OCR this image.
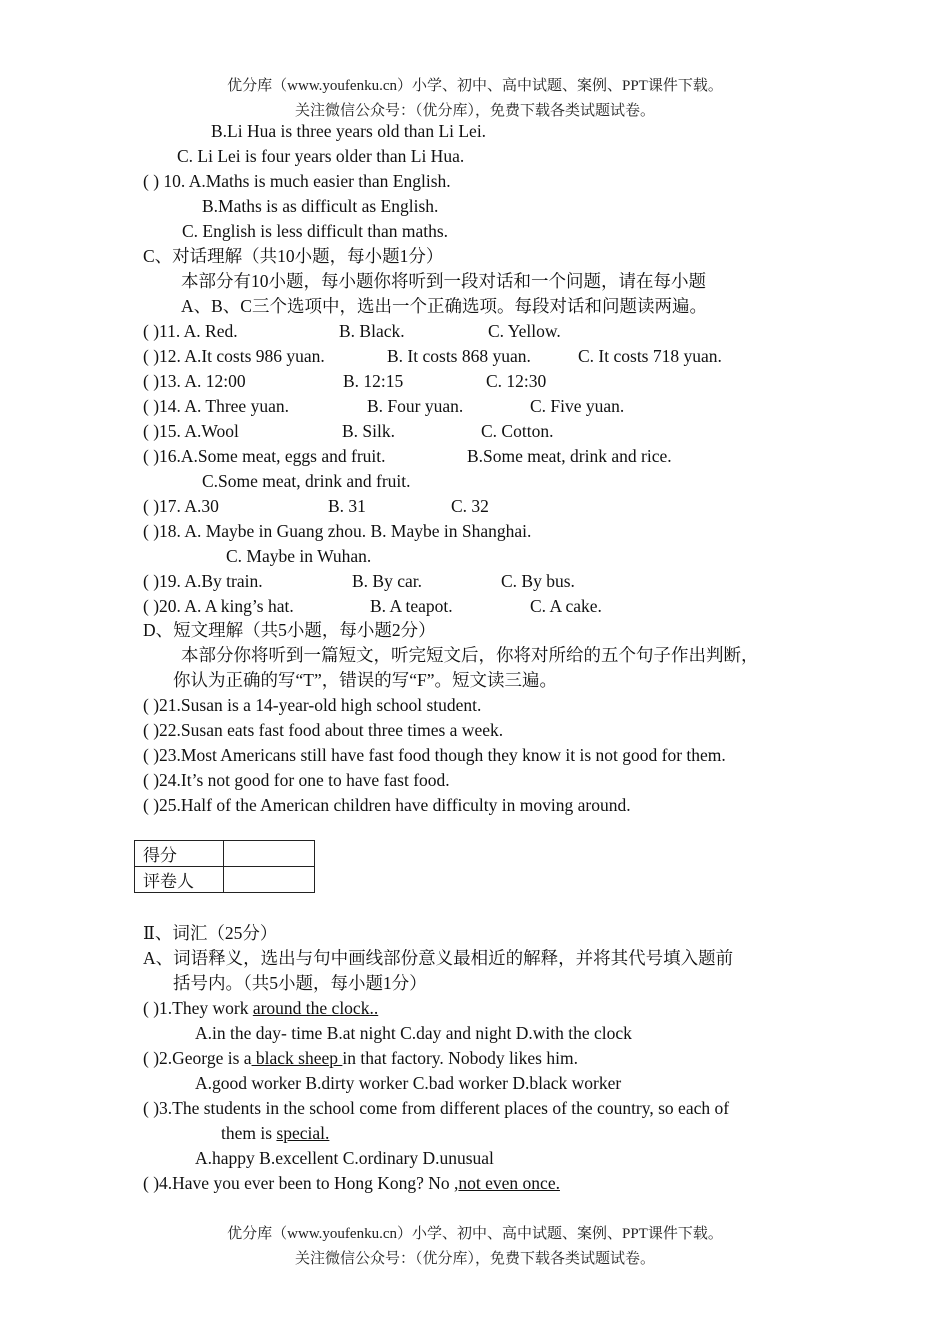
优分库（www.youfenku.cn）小学、初中、高中试题、案例、PPT课件下载。
关注微信公众号：（优分库），免费下载各类试题试卷。
B.Li Hua is three years old than Li Lei.
C. Li Lei is four years older than Li Hua.
( ) 10. A.Maths is much easier than English.
B.Maths is as difficult as English.
C. English is less difficult than maths.
C、对话理解（共10小题，每小题1分）
本部分有10小题，每小题你将听到一段对话和一个问题，请在每小题
A、B、C三个选项中，选出一个正确选项。每段对话和问题读两遍。
( )11. A. Red.	B. Black.	C. Yellow.
( )12. A.It costs 986 yuan.	B. It costs 868 yuan.	C. It costs 718 yuan.
( )13. A. 12:00	B. 12:15	C. 12:30
( )14. A. Three yuan.	B. Four yuan.	C. Five yuan.
( )15. A.Wool	B. Silk.	C. Cotton.
( )16.A.Some meat, eggs and fruit.	B.Some meat, drink and rice.
C.Some meat, drink and fruit.
( )17. A.30	B. 31	C. 32
( )18. A. Maybe in Guang zhou. B. Maybe in Shanghai.
C. Maybe in Wuhan.
( )19. A.By train.	B. By car.	C. By bus.
( )20. A. A king’s hat.	B. A teapot.	C. A cake.
D、短文理解（共5小题，每小题2分）
本部分你将听到一篇短文，听完短文后，你将对所给的五个句子作出判断，
你认为正确的写“T”，错误的写“F”。短文读三遍。
( )21.Susan is a 14-year-old high school student.
( )22.Susan eats fast food about three times a week.
( )23.Most Americans still have fast food though they know it is not good for them.
( )24.It’s not good for one to have fast food.
( )25.Half of the American children have difficulty in moving around.
得分	
评卷人	
Ⅱ、词汇（25分）
A、词语释义，选出与句中画线部份意义最相近的解释，并将其代号填入题前
括号内。（共5小题，每小题1分）
( )1.They work around the clock..
A.in the day- time B.at night C.day and night D.with the clock
( )2.George is a black sheep in that factory. Nobody likes him.
A.good worker B.dirty worker C.bad worker D.black worker
( )3.The students in the school come from different places of the country, so each of
them is special.
A.happy B.excellent C.ordinary D.unusual
( )4.Have you ever been to Hong Kong? No ,not even once.
优分库（www.youfenku.cn）小学、初中、高中试题、案例、PPT课件下载。
关注微信公众号：（优分库），免费下载各类试题试卷。
